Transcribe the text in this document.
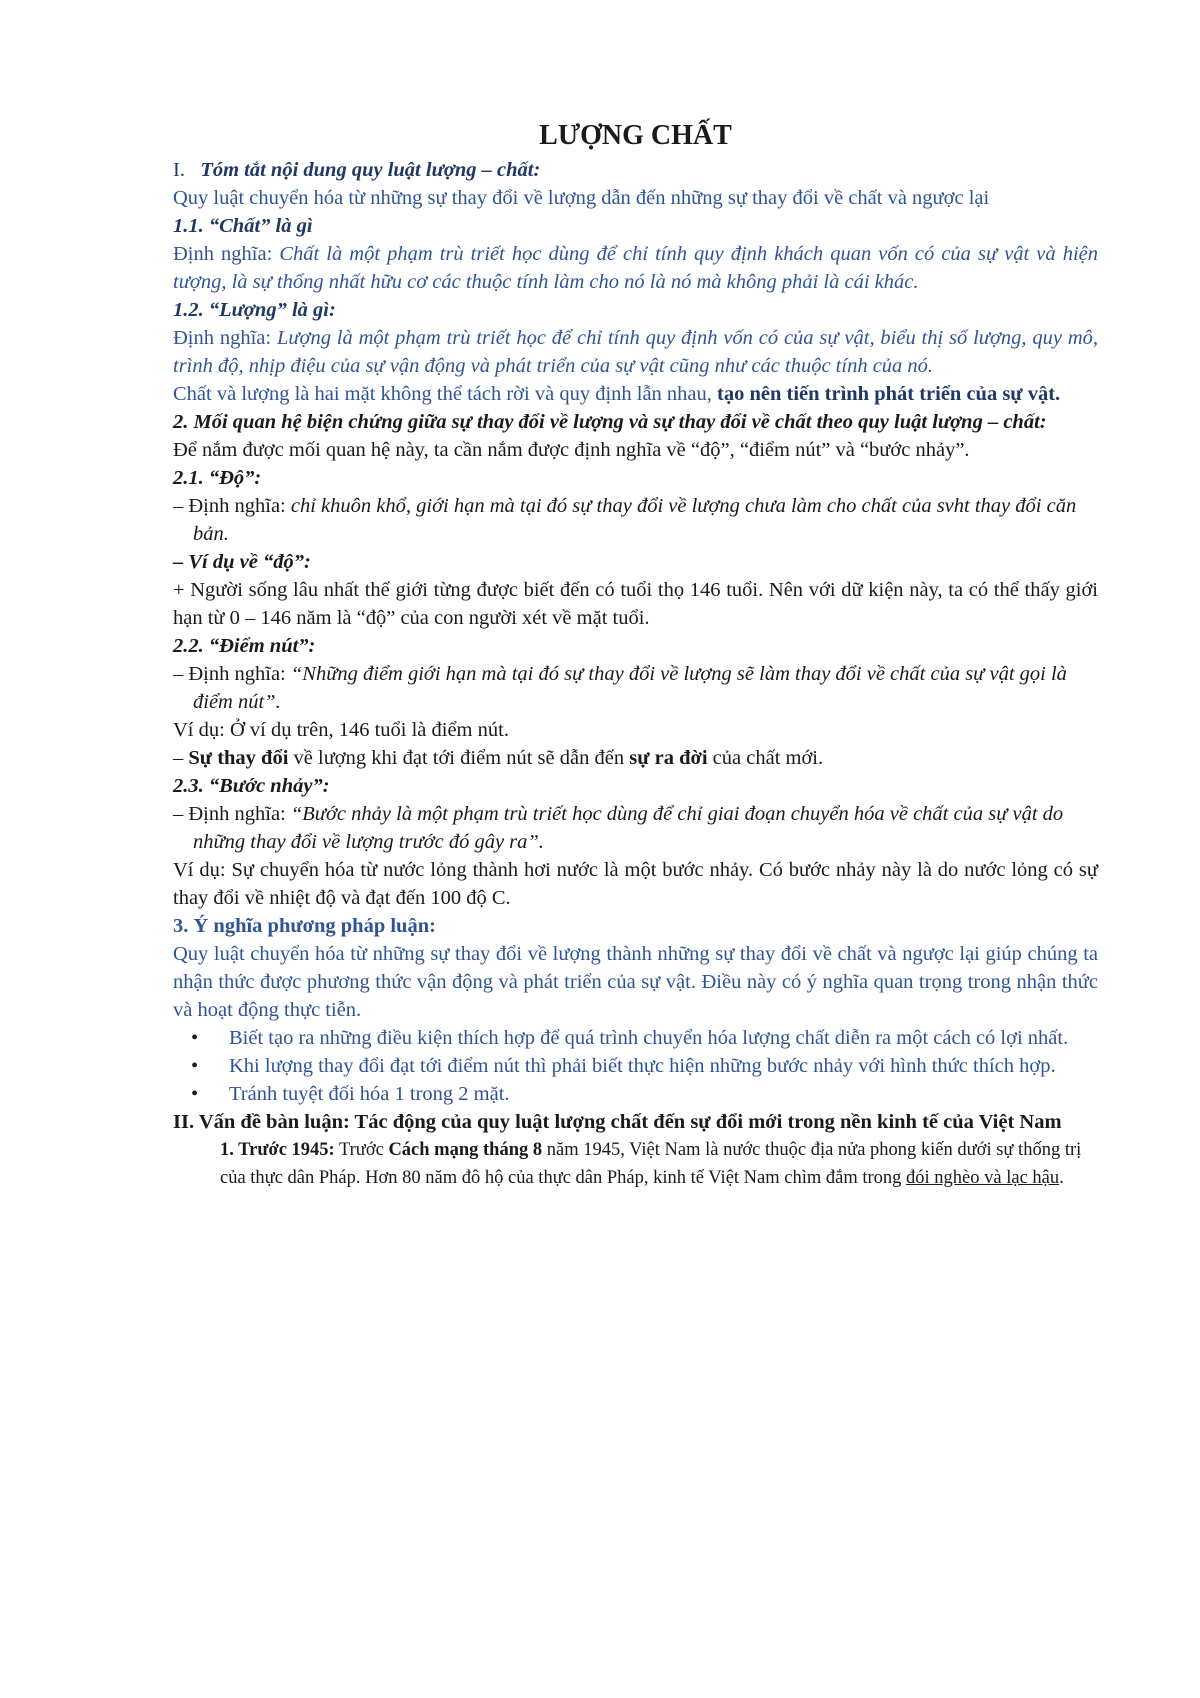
LƯỢNG CHẤT

I. Tóm tắt nội dung quy luật lượng – chất:

Quy luật chuyển hóa từ những sự thay đổi về lượng dẫn đến những sự thay đổi về chất và ngược lại

1.1. “Chất” là gì

Định nghĩa: Chất là một phạm trù triết học dùng để chỉ tính quy định khách quan vốn có của sự vật và hiện tượng, là sự thống nhất hữu cơ các thuộc tính làm cho nó là nó mà không phải là cái khác.

1.2. “Lượng” là gì:

Định nghĩa: Lượng là một phạm trù triết học để chỉ tính quy định vốn có của sự vật, biểu thị số lượng, quy mô, trình độ, nhịp điệu của sự vận động và phát triển của sự vật cũng như các thuộc tính của nó.

Chất và lượng là hai mặt không thể tách rời và quy định lẫn nhau, tạo nên tiến trình phát triển của sự vật.

2. Mối quan hệ biện chứng giữa sự thay đổi về lượng và sự thay đổi về chất theo quy luật lượng – chất:

Để nắm được mối quan hệ này, ta cần nắm được định nghĩa về “độ”, “điểm nút” và “bước nhảy”.

2.1. “Độ”:

– Định nghĩa: chỉ khuôn khổ, giới hạn mà tại đó sự thay đổi về lượng chưa làm cho chất của svht thay đổi căn bản.

– Ví dụ về “độ”:

+ Người sống lâu nhất thế giới từng được biết đến có tuổi thọ 146 tuổi. Nên với dữ kiện này, ta có thể thấy giới hạn từ 0 – 146 năm là “độ” của con người xét về mặt tuổi.

2.2. “Điểm nút”:

– Định nghĩa: “Những điểm giới hạn mà tại đó sự thay đổi về lượng sẽ làm thay đổi về chất của sự vật gọi là điểm nút”.

Ví dụ: Ở ví dụ trên, 146 tuổi là điểm nút.

– Sự thay đổi về lượng khi đạt tới điểm nút sẽ dẫn đến sự ra đời của chất mới.

2.3. “Bước nhảy”:

– Định nghĩa: “Bước nhảy là một phạm trù triết học dùng để chỉ giai đoạn chuyển hóa về chất của sự vật do những thay đổi về lượng trước đó gây ra”.

Ví dụ: Sự chuyển hóa từ nước lỏng thành hơi nước là một bước nhảy. Có bước nhảy này là do nước lỏng có sự thay đổi về nhiệt độ và đạt đến 100 độ C.

3. Ý nghĩa phương pháp luận:

Quy luật chuyển hóa từ những sự thay đổi về lượng thành những sự thay đổi về chất và ngược lại giúp chúng ta nhận thức được phương thức vận động và phát triển của sự vật. Điều này có ý nghĩa quan trọng trong nhận thức và hoạt động thực tiễn.

• Biết tạo ra những điều kiện thích hợp để quá trình chuyển hóa lượng chất diễn ra một cách có lợi nhất.
• Khi lượng thay đổi đạt tới điểm nút thì phải biết thực hiện những bước nhảy với hình thức thích hợp.
• Tránh tuyệt đối hóa 1 trong 2 mặt.

II. Vấn đề bàn luận: Tác động của quy luật lượng chất đến sự đổi mới trong nền kinh tế của Việt Nam

1. Trước 1945: Trước Cách mạng tháng 8 năm 1945, Việt Nam là nước thuộc địa nửa phong kiến dưới sự thống trị của thực dân Pháp. Hơn 80 năm đô hộ của thực dân Pháp, kinh tế Việt Nam chìm đắm trong đói nghèo và lạc hậu.
